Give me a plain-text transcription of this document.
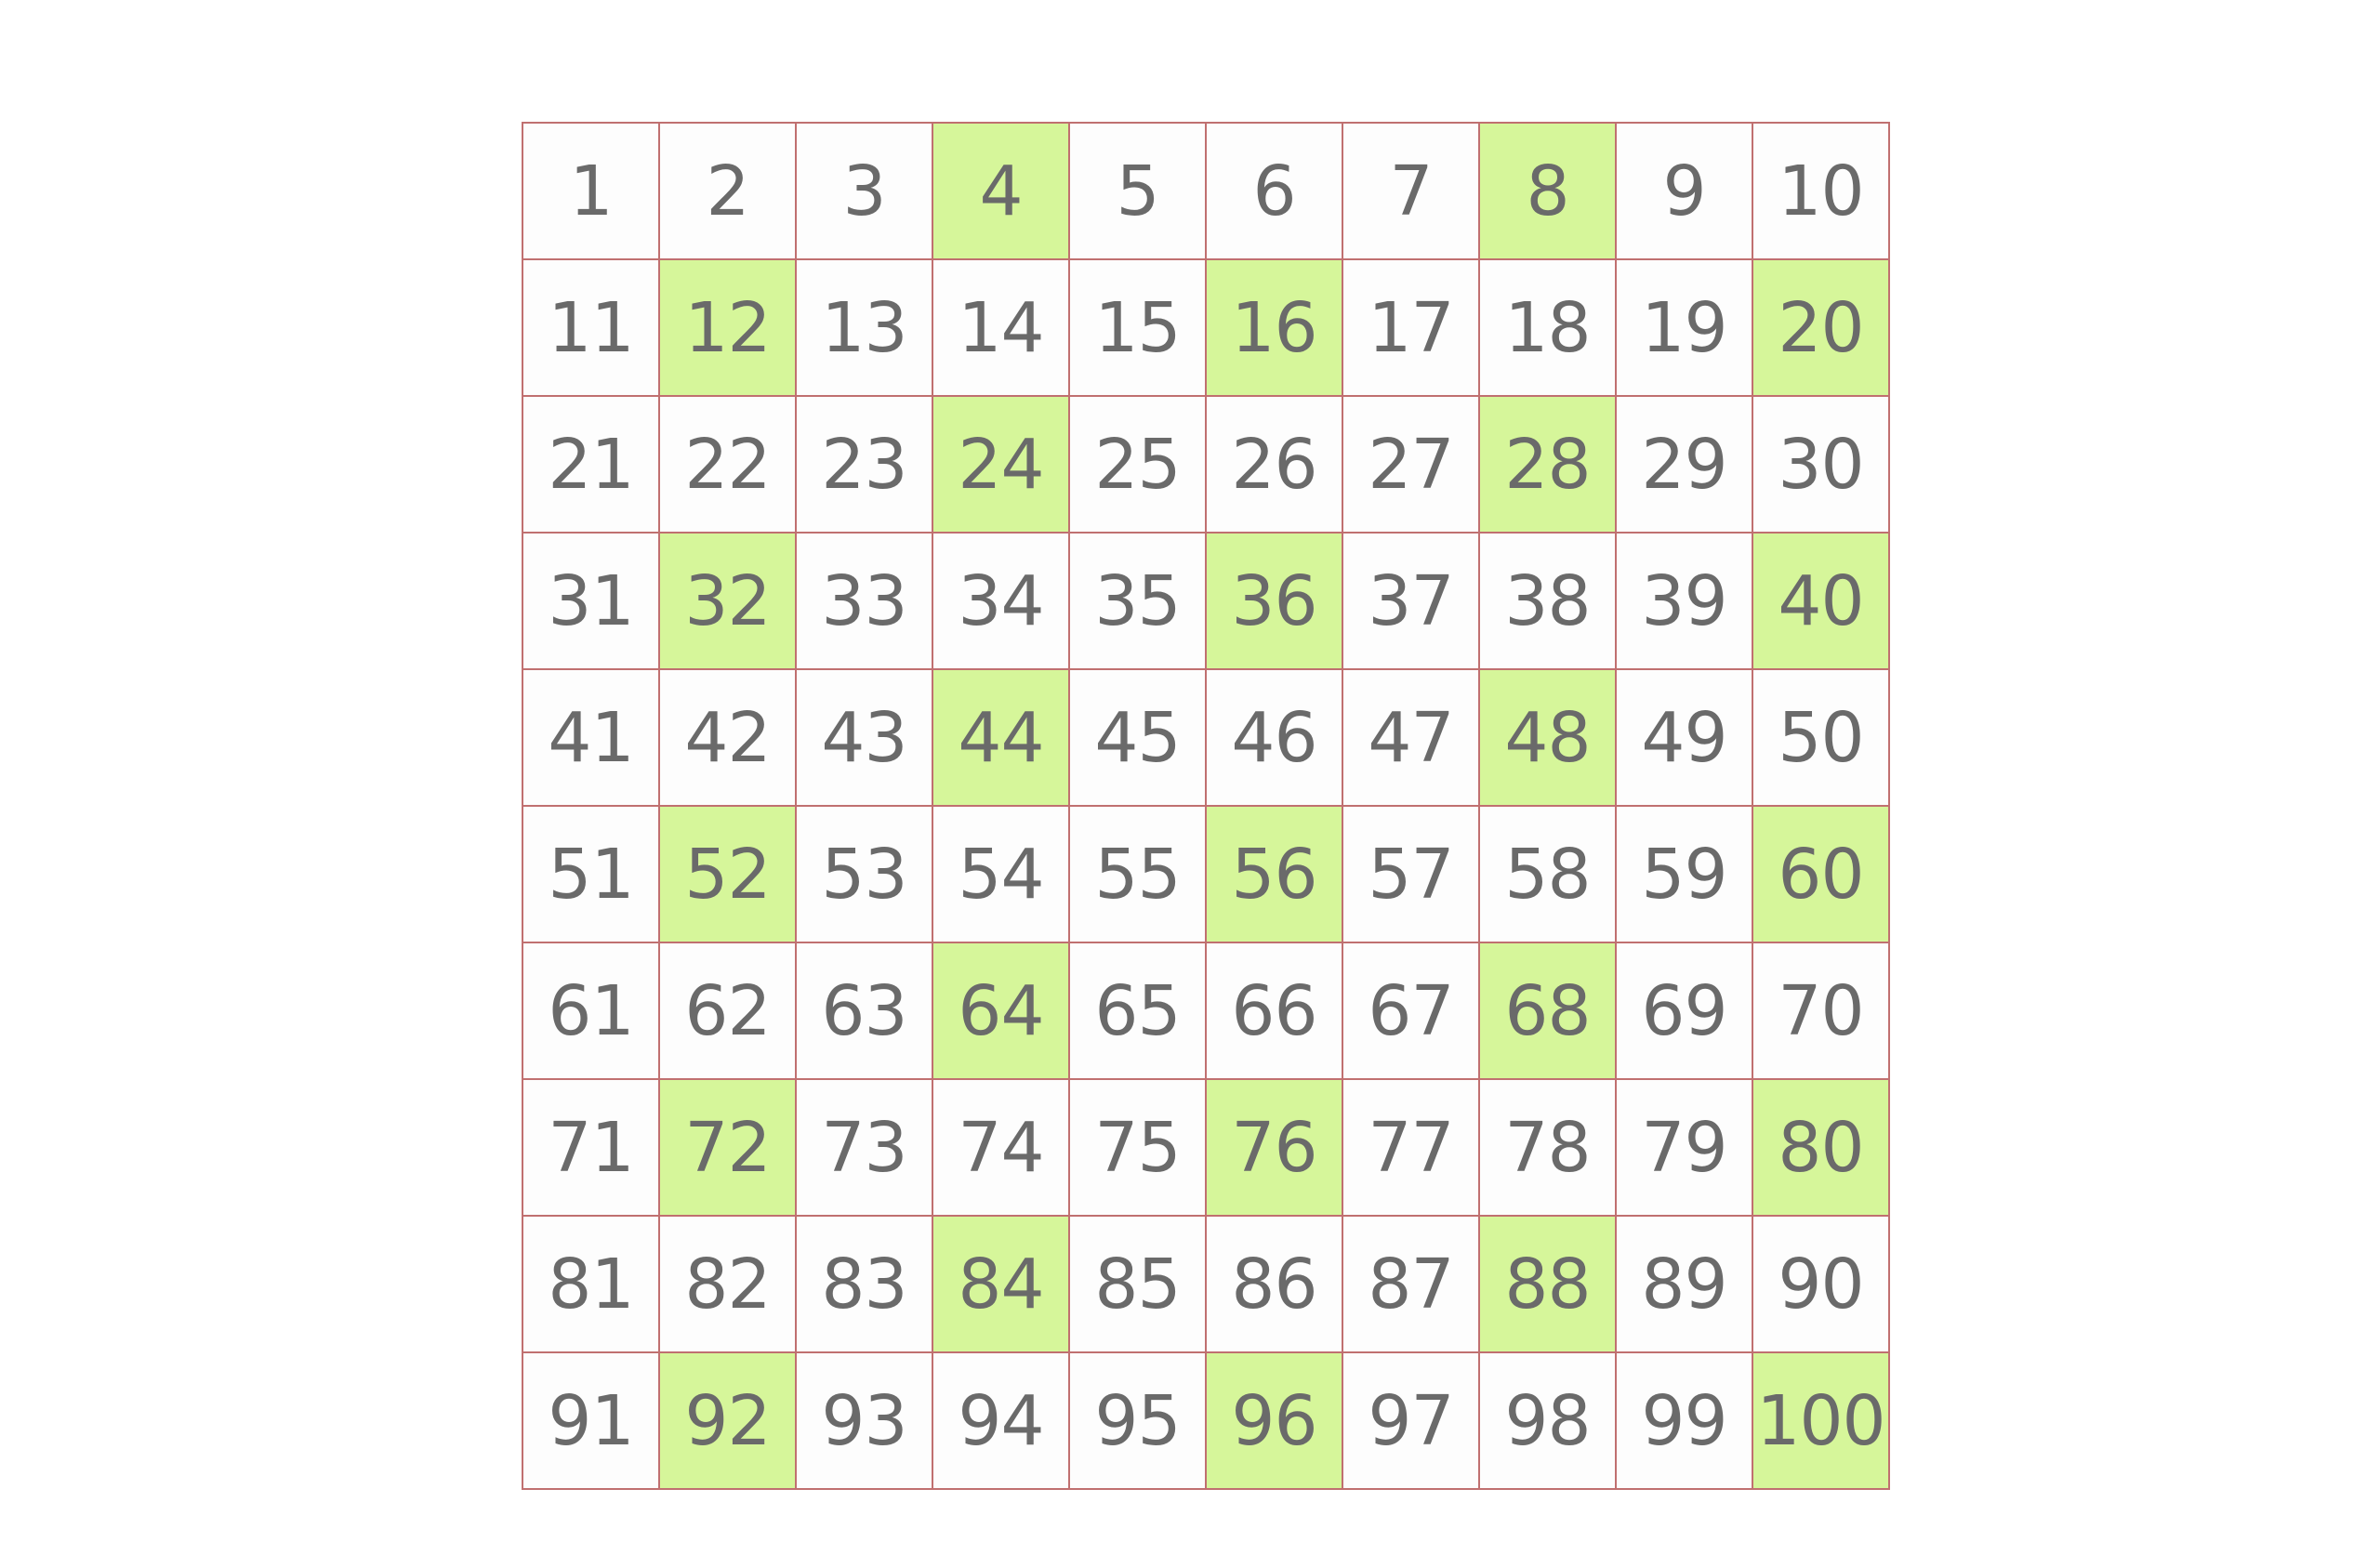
1	2	3	4	5	6	7	8	9	10
11 12 13 14 15 16 17 18 19 20
21 22 23 24 25 26 27 28 29 30
31 32 33 34 35 36 37 38 39 40
41 42 43 44 45 46 47 48 49 50
51 52 53 54 55 56 57 58 59 60
61 62 63 64 65 66 67 68 69 70
71 72 73 74 75 76 77 78 79 80
81 82 83 84 85 86 87 88 89 90
91 92 93 94 95 96 97 98 99 100
